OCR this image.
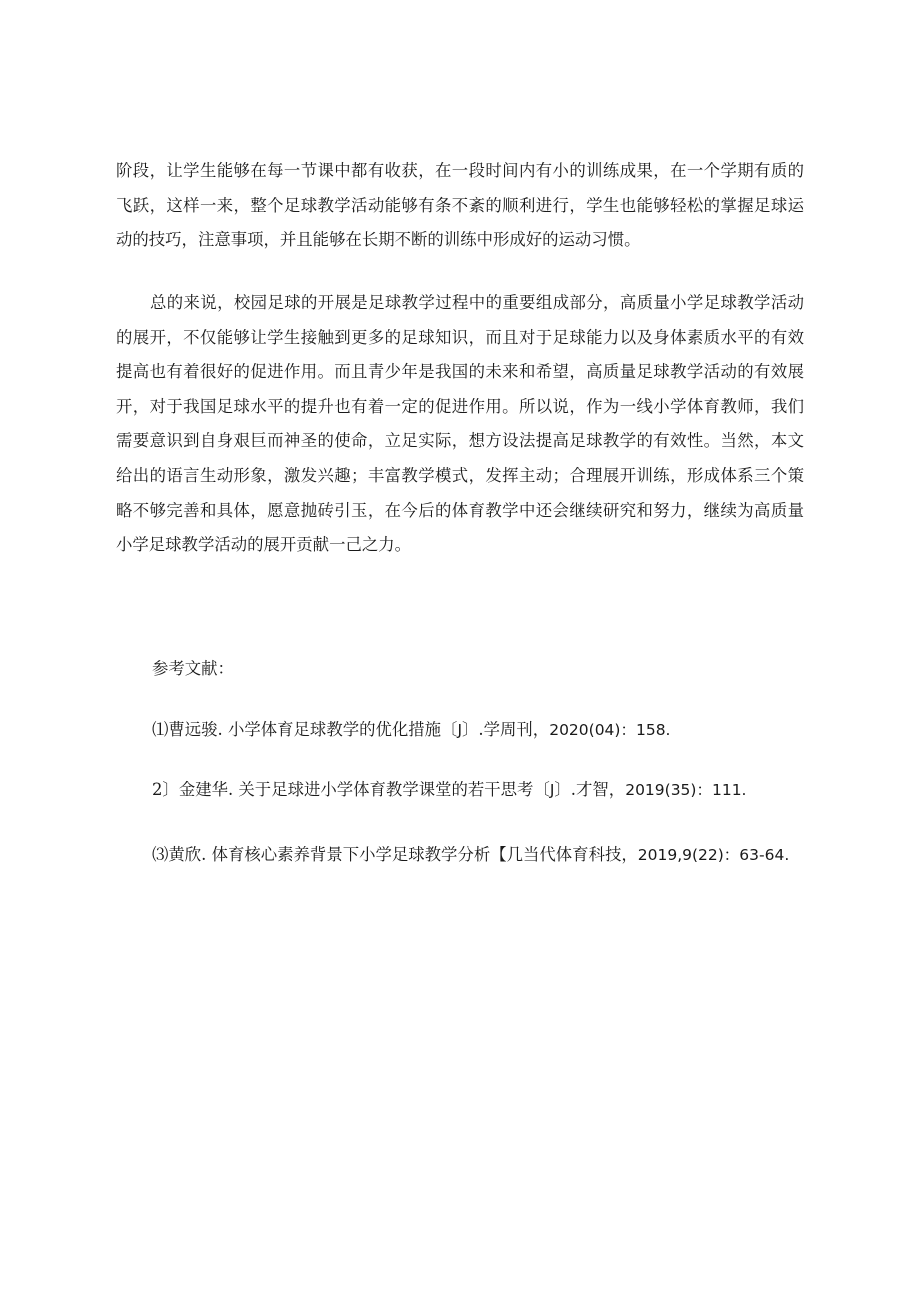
阶段，让学生能够在每一节课中都有收获，在一段时间内有小的训练成果，在一个学期有质的飞跃，这样一来，整个足球教学活动能够有条不紊的顺利进行，学生也能够轻松的掌握足球运动的技巧，注意事项，并且能够在长期不断的训练中形成好的运动习惯。

总的来说，校园足球的开展是足球教学过程中的重要组成部分，高质量小学足球教学活动的展开，不仅能够让学生接触到更多的足球知识，而且对于足球能力以及身体素质水平的有效提高也有着很好的促进作用。而且青少年是我国的未来和希望，高质量足球教学活动的有效展开，对于我国足球水平的提升也有着一定的促进作用。所以说，作为一线小学体育教师，我们需要意识到自身艰巨而神圣的使命，立足实际，想方设法提高足球教学的有效性。当然，本文给出的语言生动形象，激发兴趣；丰富教学模式，发挥主动；合理展开训练，形成体系三个策略不够完善和具体，愿意抛砖引玉，在今后的体育教学中还会继续研究和努力，继续为高质量小学足球教学活动的展开贡献一己之力。

参考文献：

⑴曹远骏. 小学体育足球教学的优化措施〔J〕.学周刊，2020(04)：158.

2〕金建华. 关于足球进小学体育教学课堂的若干思考〔J〕.才智，2019(35)：111.

⑶黄欣. 体育核心素养背景下小学足球教学分析【几当代体育科技，2019,9(22)：63-64.
